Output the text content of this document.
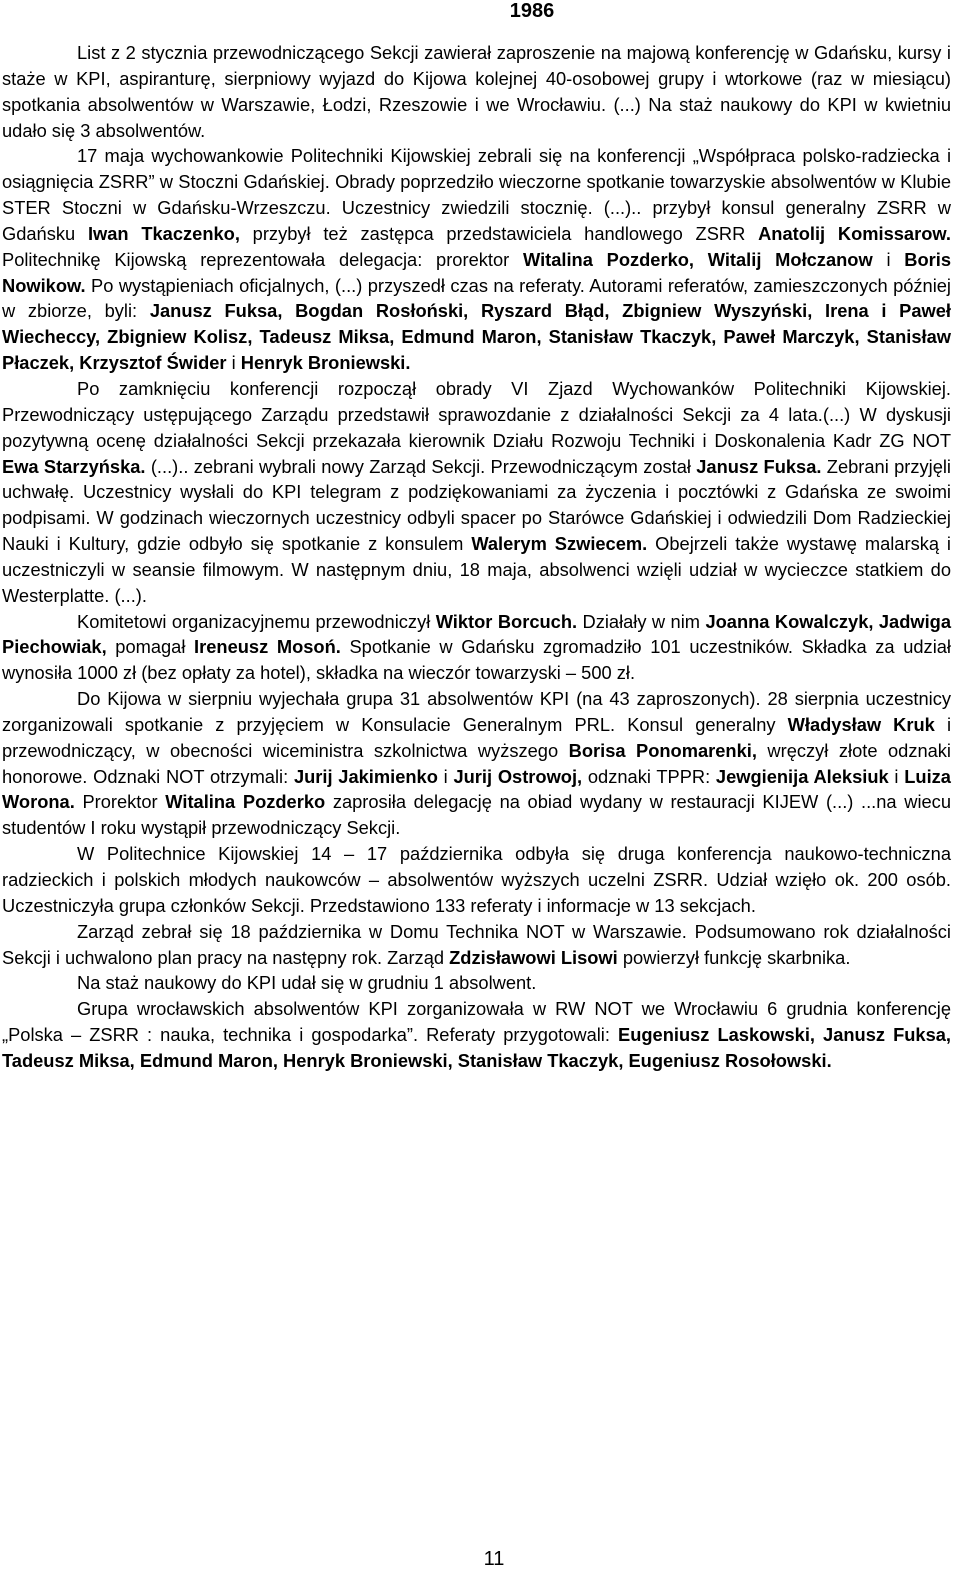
1986

List z 2 stycznia przewodniczącego Sekcji zawierał zaproszenie na majową konferencję w Gdańsku, kursy i staże w KPI, aspiranturę, sierpniowy wyjazd do Kijowa kolejnej 40-osobowej grupy i wtorkowe (raz w miesiącu) spotkania absolwentów w Warszawie, Łodzi, Rzeszowie i we Wrocławiu. (...) Na staż naukowy do KPI w kwietniu udało się 3 absolwentów.

17 maja wychowankowie Politechniki Kijowskiej zebrali się na konferencji „Współpraca polsko-radziecka i osiągnięcia ZSRR” w Stoczni Gdańskiej. Obrady poprzedziło wieczorne spotkanie towarzyskie absolwentów w Klubie STER Stoczni w Gdańsku-Wrzeszczu. Uczestnicy zwiedzili stocznię. (...).. przybył konsul generalny ZSRR w Gdańsku Iwan Tkaczenko, przybył też zastępca przedstawiciela handlowego ZSRR Anatolij Komissarow. Politechnikę Kijowską reprezentowała delegacja: prorektor Witalina Pozderko, Witalij Mołczanow i Boris Nowikow. Po wystąpieniach oficjalnych, (...) przyszedł czas na referaty. Autorami referatów, zamieszczonych później w zbiorze, byli: Janusz Fuksa, Bogdan Rosłoński, Ryszard Błąd, Zbigniew Wyszyński, Irena i Paweł Wiecheccy, Zbigniew Kolisz, Tadeusz Miksa, Edmund Maron, Stanisław Tkaczyk, Paweł Marczyk, Stanisław Płaczek, Krzysztof Świder i Henryk Broniewski.

Po zamknięciu konferencji rozpoczął obrady VI Zjazd Wychowanków Politechniki Kijowskiej. Przewodniczący ustępującego Zarządu przedstawił sprawozdanie z działalności Sekcji za 4 lata.(...) W dyskusji pozytywną ocenę działalności Sekcji przekazała kierownik Działu Rozwoju Techniki i Doskonalenia Kadr ZG NOT Ewa Starzyńska. (...).. zebrani wybrali nowy Zarząd Sekcji. Przewodniczącym został Janusz Fuksa. Zebrani przyjęli uchwałę. Uczestnicy wysłali do KPI telegram z podziękowaniami za życzenia i pocztówki z Gdańska ze swoimi podpisami. W godzinach wieczornych uczestnicy odbyli spacer po Starówce Gdańskiej i odwiedzili Dom Radzieckiej Nauki i Kultury, gdzie odbyło się spotkanie z konsulem Walerym Szwiecem. Obejrzeli także wystawę malarską i uczestniczyli w seansie filmowym. W następnym dniu, 18 maja, absolwenci wzięli udział w wycieczce statkiem do Westerplatte. (...).

Komitetowi organizacyjnemu przewodniczył Wiktor Borcuch. Działały w nim Joanna Kowalczyk, Jadwiga Piechowiak, pomagał Ireneusz Mosoń. Spotkanie w Gdańsku zgromadziło 101 uczestników. Składka za udział wynosiła 1000 zł (bez opłaty za hotel), składka na wieczór towarzyski – 500 zł.

Do Kijowa w sierpniu wyjechała grupa 31 absolwentów KPI (na 43 zaproszonych). 28 sierpnia uczestnicy zorganizowali spotkanie z przyjęciem w Konsulacie Generalnym PRL. Konsul generalny Władysław Kruk i przewodniczący, w obecności wiceministra szkolnictwa wyższego Borisa Ponomarenki, wręczył złote odznaki honorowe. Odznaki NOT otrzymali: Jurij Jakimienko i Jurij Ostrowoj, odznaki TPPR: Jewgienija Aleksiuk i Luiza Worona. Prorektor Witalina Pozderko zaprosiła delegację na obiad wydany w restauracji KIJEW (...) ...na wiecu studentów I roku wystąpił przewodniczący Sekcji.

W Politechnice Kijowskiej 14 – 17 października odbyła się druga konferencja naukowo-techniczna radzieckich i polskich młodych naukowców – absolwentów wyższych uczelni ZSRR. Udział wzięło ok. 200 osób. Uczestniczyła grupa członków Sekcji. Przedstawiono 133 referaty i informacje w 13 sekcjach.

Zarząd zebrał się 18 października w Domu Technika NOT w Warszawie. Podsumowano rok działalności Sekcji i uchwalono plan pracy na następny rok. Zarząd Zdzisławowi Lisowi powierzył funkcję skarbnika.

Na staż naukowy do KPI udał się w grudniu 1 absolwent.

Grupa wrocławskich absolwentów KPI zorganizowała w RW NOT we Wrocławiu 6 grudnia konferencję „Polska – ZSRR : nauka, technika i gospodarka”. Referaty przygotowali: Eugeniusz Laskowski, Janusz Fuksa, Tadeusz Miksa, Edmund Maron, Henryk Broniewski, Stanisław Tkaczyk, Eugeniusz Rosołowski.

11
